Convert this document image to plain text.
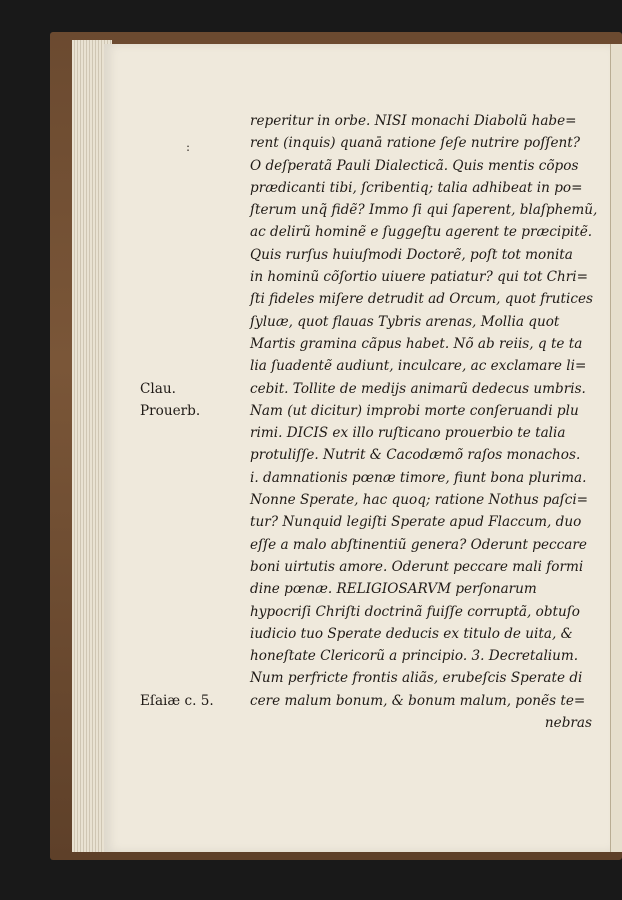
:
reperitur in orbe. NISI monachi Diabolũ habe=
rent (inquis) quanā ratione ſeſe nutrire poſſent?
O deſperatã Pauli Dialecticã. Quis mentis cõpos
prædicanti tibi, ſcribentiq; talia adhibeat in po=
ſterum unq̃ fidẽ? Immo ſi qui ſaperent, blaſphemũ,
ac delirũ hominẽ e ſuggeſtu agerent te præcipitẽ.
Quis rurſus huiuſmodi Doctorẽ, poſt tot monita
in hominũ cõſortio uiuere patiatur? qui tot Chri=
ſti fideles miſere detrudit ad Orcum, quot frutices
ſyluæ, quot flauas Tybris arenas, Mollia quot
Martis gramina cãpus habet. Nõ ab reiis, q te ta
lia ſuadentẽ audiunt, inculcare, ac exclamare li=
Clau.	cebit. Tollite de medijs animarũ dedecus umbris.
Prouerb.	Nam (ut dicitur) improbi morte conſeruandi plu
rimi. DICIS ex illo ruſticano prouerbio te talia
protuliſſe. Nutrit & Cacodæmõ raſos monachos.
i. damnationis pœnæ timore, fiunt bona plurima.
Nonne Sperate, hac quoq; ratione Nothus paſci=
tur? Nunquid legiſti Sperate apud Flaccum, duo
eſſe a malo abſtinentiũ genera? Oderunt peccare
boni uirtutis amore. Oderunt peccare mali formi
dine pœnæ. RELIGIOSARVM perſonarum
hypocriſi Chriſti doctrinã fuiſſe corruptã, obtuſo
iudicio tuo Sperate deducis ex titulo de uita, &
honeſtate Clericorũ a principio. 3. Decretalium.
Num perfricte frontis aliãs, erubeſcis Sperate di
Eſaiæ c. 5.	cere malum bonum, & bonum malum, ponẽs te=
nebras
